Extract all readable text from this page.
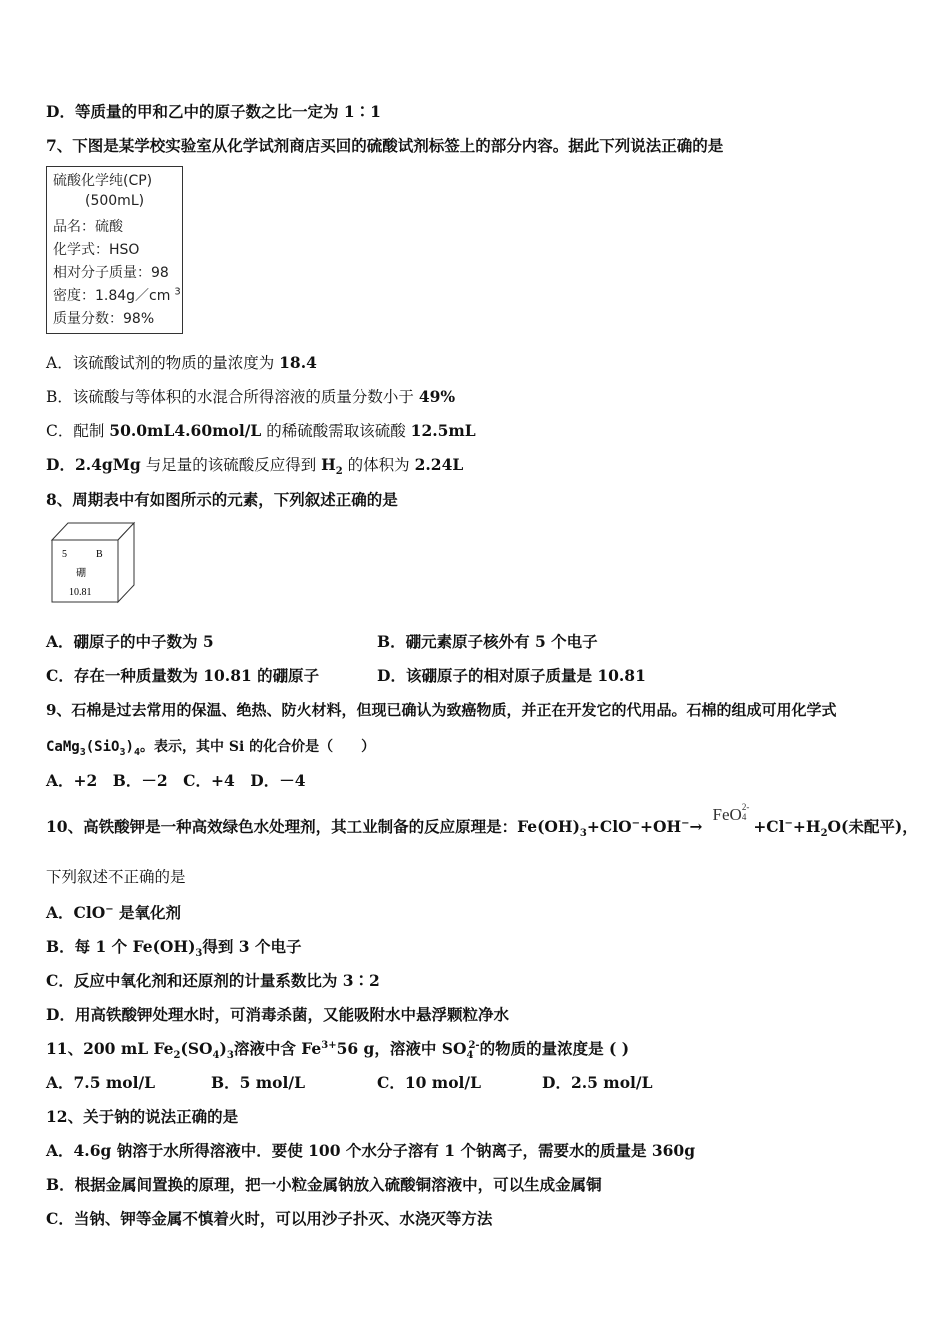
D．等质量的甲和乙中的原子数之比一定为 1∶1
7、下图是某学校实验室从化学试剂商店买回的硫酸试剂标签上的部分内容。据此下列说法正确的是
硫酸化学纯(CP)
(500mL)
品名：硫酸
化学式：HSO
相对分子质量：98
密度：1.84g／cm $^3$
质量分数：98%
A．该硫酸试剂的物质的量浓度为 18.4
B．该硫酸与等体积的水混合所得溶液的质量分数小于 49%
C．配制 50.0mL4.60mol/L 的稀硫酸需取该硫酸 12.5mL
D．2.4gMg 与足量的该硫酸反应得到 $H_2$ 的体积为 2.24L
8、周期表中有如图所示的元素，下列叙述正确的是
5	B
硼
10.81
A．硼原子的中子数为 5	B．硼元素原子核外有 5 个电子
C．存在一种质量数为 10.81 的硼原子	D．该硼原子的相对原子质量是 10.81
9、石棉是过去常用的保温、绝热、防火材料，但现已确认为致癌物质，并正在开发它的代用品。石棉的组成可用化学式
$CaMg_3(SiO_3)_4$。表示，其中 Si 的化合价是（　　）
A．+2　B．－2　C．+4　D．－4
10、高铁酸钾是一种高效绿色水处理剂，其工业制备的反应原理是：$Fe(OH)_3+ClO^-+OH^-\to FeO$ 2-
$4 +Cl^-+H_2O$(未配平)，
下列叙述不正确的是
A．ClO− 是氧化剂
B．每 1 个 $Fe(OH)_3$得到 3 个电子
C．反应中氧化剂和还原剂的计量系数比为 3∶2
D．用高铁酸钾处理水时，可消毒杀菌，又能吸附水中悬浮颗粒净水
11、200 mL $Fe_2(SO_4)_3$溶液中含 $Fe^{3+}56$ g，溶液中 $SO_4^{2-}$的物质的量浓度是 ( )
A．7.5 mol/L	B．5 mol/L	C．10 mol/L	D．2.5 mol/L
12、关于钠的说法正确的是
A．4.6g 钠溶于水所得溶液中．要使 100 个水分子溶有 1 个钠离子，需要水的质量是 360g
B．根据金属间置换的原理，把一小粒金属钠放入硫酸铜溶液中，可以生成金属铜
C．当钠、钾等金属不慎着火时，可以用沙子扑灭、水浇灭等方法
